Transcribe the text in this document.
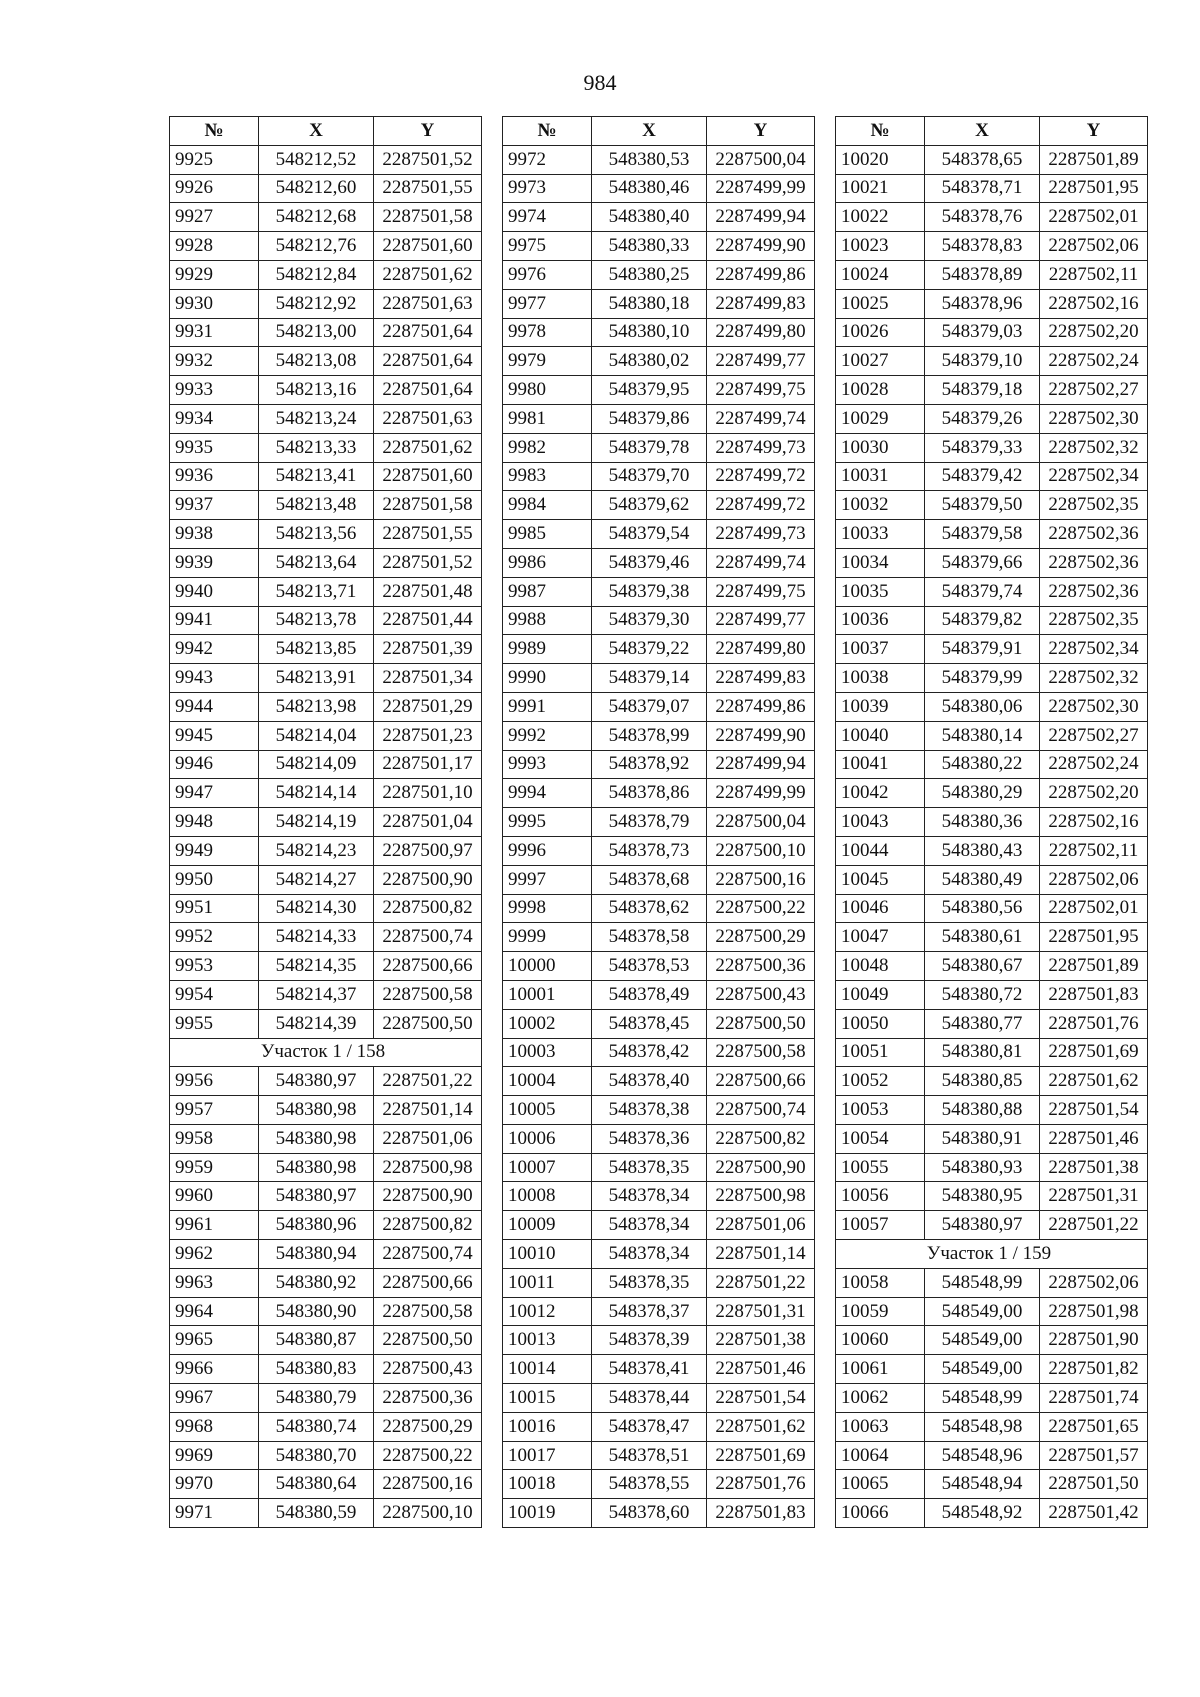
984
№	X	Y
9925	548212,52	2287501,52
9926	548212,60	2287501,55
9927	548212,68	2287501,58
9928	548212,76	2287501,60
9929	548212,84	2287501,62
9930	548212,92	2287501,63
9931	548213,00	2287501,64
9932	548213,08	2287501,64
9933	548213,16	2287501,64
9934	548213,24	2287501,63
9935	548213,33	2287501,62
9936	548213,41	2287501,60
9937	548213,48	2287501,58
9938	548213,56	2287501,55
9939	548213,64	2287501,52
9940	548213,71	2287501,48
9941	548213,78	2287501,44
9942	548213,85	2287501,39
9943	548213,91	2287501,34
9944	548213,98	2287501,29
9945	548214,04	2287501,23
9946	548214,09	2287501,17
9947	548214,14	2287501,10
9948	548214,19	2287501,04
9949	548214,23	2287500,97
9950	548214,27	2287500,90
9951	548214,30	2287500,82
9952	548214,33	2287500,74
9953	548214,35	2287500,66
9954	548214,37	2287500,58
9955	548214,39	2287500,50
Участок 1 / 158		
9956	548380,97	2287501,22
9957	548380,98	2287501,14
9958	548380,98	2287501,06
9959	548380,98	2287500,98
9960	548380,97	2287500,90
9961	548380,96	2287500,82
9962	548380,94	2287500,74
9963	548380,92	2287500,66
9964	548380,90	2287500,58
9965	548380,87	2287500,50
9966	548380,83	2287500,43
9967	548380,79	2287500,36
9968	548380,74	2287500,29
9969	548380,70	2287500,22
9970	548380,64	2287500,16
9971	548380,59	2287500,10
№	X	Y
9972	548380,53	2287500,04
9973	548380,46	2287499,99
9974	548380,40	2287499,94
9975	548380,33	2287499,90
9976	548380,25	2287499,86
9977	548380,18	2287499,83
9978	548380,10	2287499,80
9979	548380,02	2287499,77
9980	548379,95	2287499,75
9981	548379,86	2287499,74
9982	548379,78	2287499,73
9983	548379,70	2287499,72
9984	548379,62	2287499,72
9985	548379,54	2287499,73
9986	548379,46	2287499,74
9987	548379,38	2287499,75
9988	548379,30	2287499,77
9989	548379,22	2287499,80
9990	548379,14	2287499,83
9991	548379,07	2287499,86
9992	548378,99	2287499,90
9993	548378,92	2287499,94
9994	548378,86	2287499,99
9995	548378,79	2287500,04
9996	548378,73	2287500,10
9997	548378,68	2287500,16
9998	548378,62	2287500,22
9999	548378,58	2287500,29
10000	548378,53	2287500,36
10001	548378,49	2287500,43
10002	548378,45	2287500,50
10003	548378,42	2287500,58
10004	548378,40	2287500,66
10005	548378,38	2287500,74
10006	548378,36	2287500,82
10007	548378,35	2287500,90
10008	548378,34	2287500,98
10009	548378,34	2287501,06
10010	548378,34	2287501,14
10011	548378,35	2287501,22
10012	548378,37	2287501,31
10013	548378,39	2287501,38
10014	548378,41	2287501,46
10015	548378,44	2287501,54
10016	548378,47	2287501,62
10017	548378,51	2287501,69
10018	548378,55	2287501,76
10019	548378,60	2287501,83
№	X	Y
10020	548378,65	2287501,89
10021	548378,71	2287501,95
10022	548378,76	2287502,01
10023	548378,83	2287502,06
10024	548378,89	2287502,11
10025	548378,96	2287502,16
10026	548379,03	2287502,20
10027	548379,10	2287502,24
10028	548379,18	2287502,27
10029	548379,26	2287502,30
10030	548379,33	2287502,32
10031	548379,42	2287502,34
10032	548379,50	2287502,35
10033	548379,58	2287502,36
10034	548379,66	2287502,36
10035	548379,74	2287502,36
10036	548379,82	2287502,35
10037	548379,91	2287502,34
10038	548379,99	2287502,32
10039	548380,06	2287502,30
10040	548380,14	2287502,27
10041	548380,22	2287502,24
10042	548380,29	2287502,20
10043	548380,36	2287502,16
10044	548380,43	2287502,11
10045	548380,49	2287502,06
10046	548380,56	2287502,01
10047	548380,61	2287501,95
10048	548380,67	2287501,89
10049	548380,72	2287501,83
10050	548380,77	2287501,76
10051	548380,81	2287501,69
10052	548380,85	2287501,62
10053	548380,88	2287501,54
10054	548380,91	2287501,46
10055	548380,93	2287501,38
10056	548380,95	2287501,31
10057	548380,97	2287501,22
Участок 1 / 159		
10058	548548,99	2287502,06
10059	548549,00	2287501,98
10060	548549,00	2287501,90
10061	548549,00	2287501,82
10062	548548,99	2287501,74
10063	548548,98	2287501,65
10064	548548,96	2287501,57
10065	548548,94	2287501,50
10066	548548,92	2287501,42
